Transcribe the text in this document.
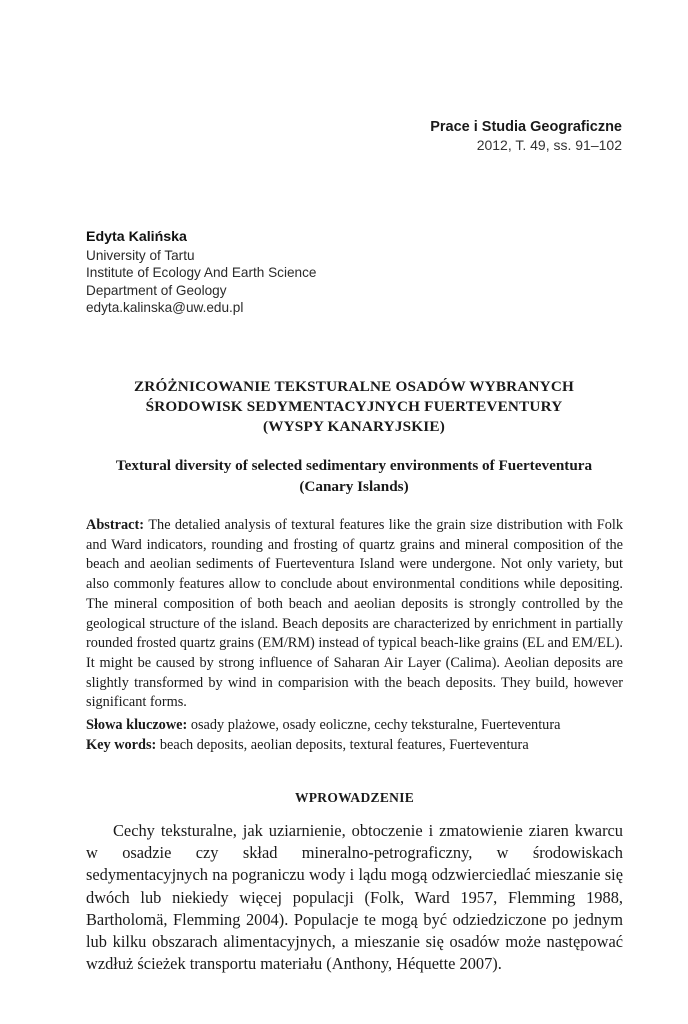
Prace i Studia Geograficzne
2012, T. 49, ss. 91–102
Edyta Kalińska
University of Tartu
Institute of Ecology And Earth Science
Department of Geology
edyta.kalinska@uw.edu.pl
ZRÓŻNICOWANIE TEKSTURALNE OSADÓW WYBRANYCH
ŚRODOWISK SEDYMENTACYJNYCH FUERTEVENTURY
(WYSPY KANARYJSKIE)
Textural diversity of selected sedimentary environments of Fuerteventura
(Canary Islands)
Abstract: The detalied analysis of textural features like the grain size distribution with Folk and Ward indicators, rounding and frosting of quartz grains and mineral composition of the beach and aeolian sediments of Fuerteventura Island were undergone. Not only variety, but also commonly features allow to conclude about environmental conditions while depositing. The mineral composition of both beach and aeolian deposits is strongly controlled by the geological structure of the island. Beach deposits are characterized by enrichment in partially rounded frosted quartz grains (EM/RM) instead of typical beach-like grains (EL and EM/EL). It might be caused by strong influence of Saharan Air Layer (Calima). Aeolian deposits are slightly transformed by wind in comparision with the beach deposits. They build, however significant forms.
Słowa kluczowe: osady plażowe, osady eoliczne, cechy teksturalne, Fuerteventura
Key words: beach deposits, aeolian deposits, textural features, Fuerteventura
WPROWADZENIE
Cechy teksturalne, jak uziarnienie, obtoczenie i zmatowienie ziaren kwarcu w osadzie czy skład mineralno-petrograficzny, w środowiskach sedymentacyjnych na pograniczu wody i lądu mogą odzwierciedlać mieszanie się dwóch lub niekiedy więcej populacji (Folk, Ward 1957, Flemming 1988, Bartholomä, Flemming 2004). Populacje te mogą być odziedziczone po jednym lub kilku obszarach alimentacyjnych, a mieszanie się osadów może następować wzdłuż ścieżek transportu materiału (Anthony, Héquette 2007).
